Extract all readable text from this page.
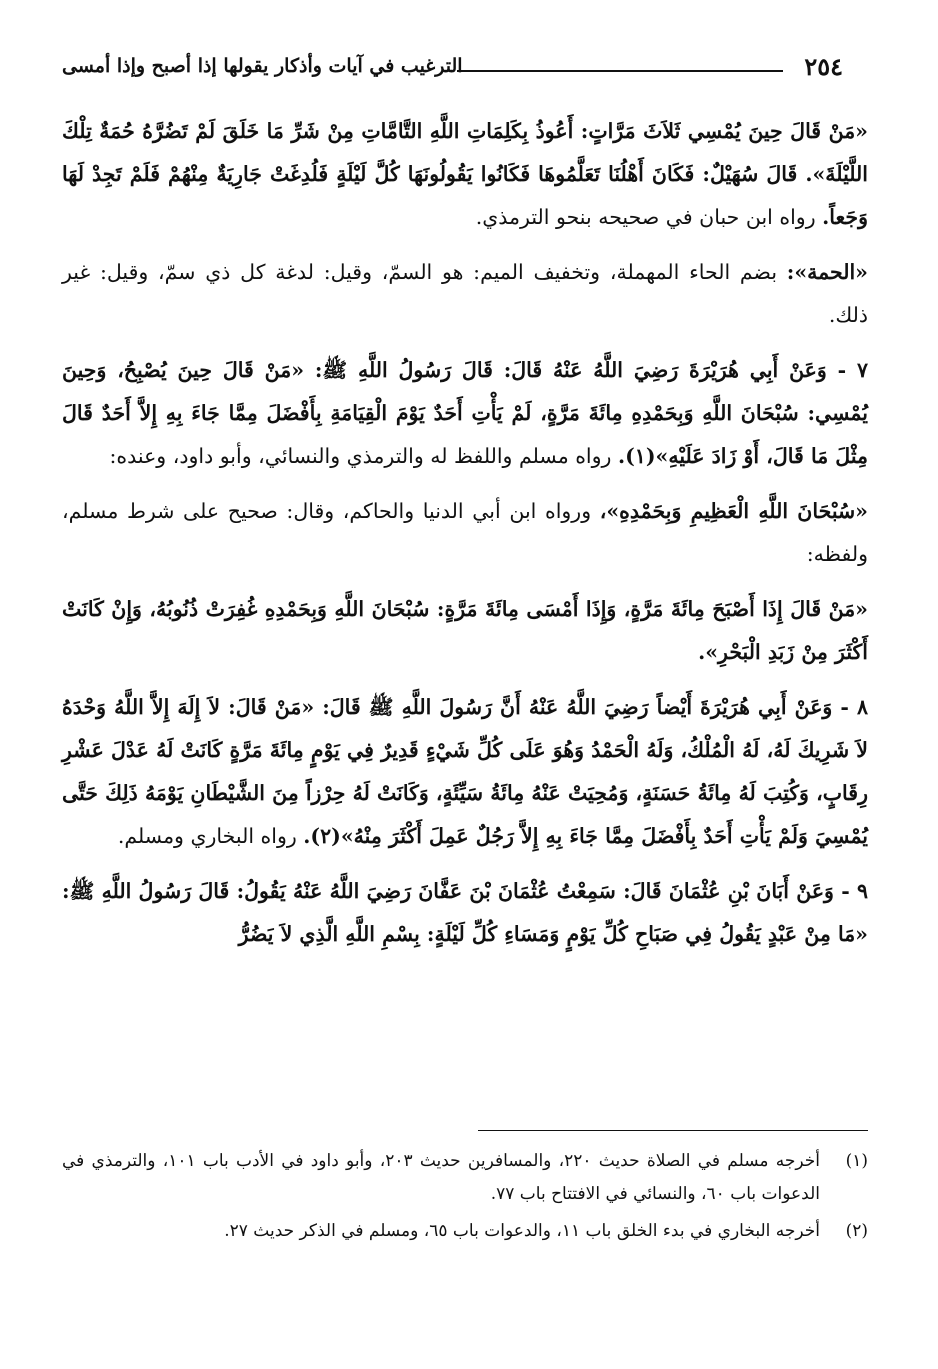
٢٥٤
الترغيب في آيات وأذكار يقولها إذا أصبح وإذا أمسى

«مَنْ قَالَ حِينَ يُمْسِي ثَلاَثَ مَرَّاتٍ: أَعُوذُ بِكَلِمَاتِ اللَّهِ التَّامَّاتِ مِنْ شَرِّ مَا خَلَقَ لَمْ تَضُرَّهُ حُمَةٌ تِلْكَ اللَّيْلَةَ». قَالَ سُهَيْلٌ: فَكَانَ أَهْلُنَا تَعَلَّمُوهَا فَكَانُوا يَقُولُونَهَا كُلَّ لَيْلَةٍ فَلُدِغَتْ جَارِيَةٌ مِنْهُمْ فَلَمْ تَجِدْ لَهَا وَجَعاً. رواه ابن حبان في صحيحه بنحو الترمذي.

«الحمة»: بضم الحاء المهملة، وتخفيف الميم: هو السمّ، وقيل: لدغة كل ذي سمّ، وقيل: غير ذلك.

٧ - وَعَنْ أَبِي هُرَيْرَةَ رَضِيَ اللَّهُ عَنْهُ قَالَ: قَالَ رَسُولُ اللَّهِ ﷺ: «مَنْ قَالَ حِينَ يُصْبِحُ، وَحِينَ يُمْسِي: سُبْحَانَ اللَّهِ وَبِحَمْدِهِ مِائَةَ مَرَّةٍ، لَمْ يَأْتِ أَحَدٌ يَوْمَ الْقِيَامَةِ بِأَفْضَلَ مِمَّا جَاءَ بِهِ إِلاَّ أَحَدٌ قَالَ مِثْلَ مَا قَالَ، أَوْ زَادَ عَلَيْهِ»(١). رواه مسلم واللفظ له والترمذي والنسائي، وأبو داود، وعنده:

«سُبْحَانَ اللَّهِ الْعَظِيمِ وَبِحَمْدِهِ»، ورواه ابن أبي الدنيا والحاكم، وقال: صحيح على شرط مسلم، ولفظه:

«مَنْ قَالَ إِذَا أَصْبَحَ مِائَةَ مَرَّةٍ، وَإِذَا أَمْسَى مِائَةَ مَرَّةٍ: سُبْحَانَ اللَّهِ وَبِحَمْدِهِ غُفِرَتْ ذُنُوبُهُ، وَإِنْ كَانَتْ أَكْثَرَ مِنْ زَبَدِ الْبَحْرِ».

٨ - وَعَنْ أَبِي هُرَيْرَةَ أَيْضاً رَضِيَ اللَّهُ عَنْهُ أَنَّ رَسُولَ اللَّهِ ﷺ قَالَ: «مَنْ قَالَ: لاَ إِلَهَ إِلاَّ اللَّهُ وَحْدَهُ لاَ شَرِيكَ لَهُ، لَهُ الْمُلْكُ، وَلَهُ الْحَمْدُ وَهُوَ عَلَى كُلِّ شَيْءٍ قَدِيرٌ فِي يَوْمٍ مِائَةَ مَرَّةٍ كَانَتْ لَهُ عَدْلَ عَشْرِ رِقَابٍ، وَكُتِبَ لَهُ مِائَةُ حَسَنَةٍ، وَمُحِيَتْ عَنْهُ مِائَةُ سَيِّئَةٍ، وَكَانَتْ لَهُ حِرْزاً مِنَ الشَّيْطَانِ يَوْمَهُ ذَلِكَ حَتَّى يُمْسِيَ وَلَمْ يَأْتِ أَحَدٌ بِأَفْضَلَ مِمَّا جَاءَ بِهِ إِلاَّ رَجُلٌ عَمِلَ أَكْثَرَ مِنْهُ»(٢). رواه البخاري ومسلم.

٩ - وَعَنْ أَبَانَ بْنِ عُثْمَانَ قَالَ: سَمِعْتُ عُثْمَانَ بْنَ عَفَّانَ رَضِيَ اللَّهُ عَنْهُ يَقُولُ: قَالَ رَسُولُ اللَّهِ ﷺ: «مَا مِنْ عَبْدٍ يَقُولُ فِي صَبَاحِ كُلِّ يَوْمٍ وَمَسَاءِ كُلِّ لَيْلَةٍ: بِسْمِ اللَّهِ الَّذِي لاَ يَضُرُّ

(١)
أخرجه مسلم في الصلاة حديث ٢٢٠، والمسافرين حديث ٢٠٣، وأبو داود في الأدب باب ١٠١، والترمذي في الدعوات باب ٦٠، والنسائي في الافتتاح باب ٧٧.

(٢)
أخرجه البخاري في بدء الخلق باب ١١، والدعوات باب ٦٥، ومسلم في الذكر حديث ٢٧.
